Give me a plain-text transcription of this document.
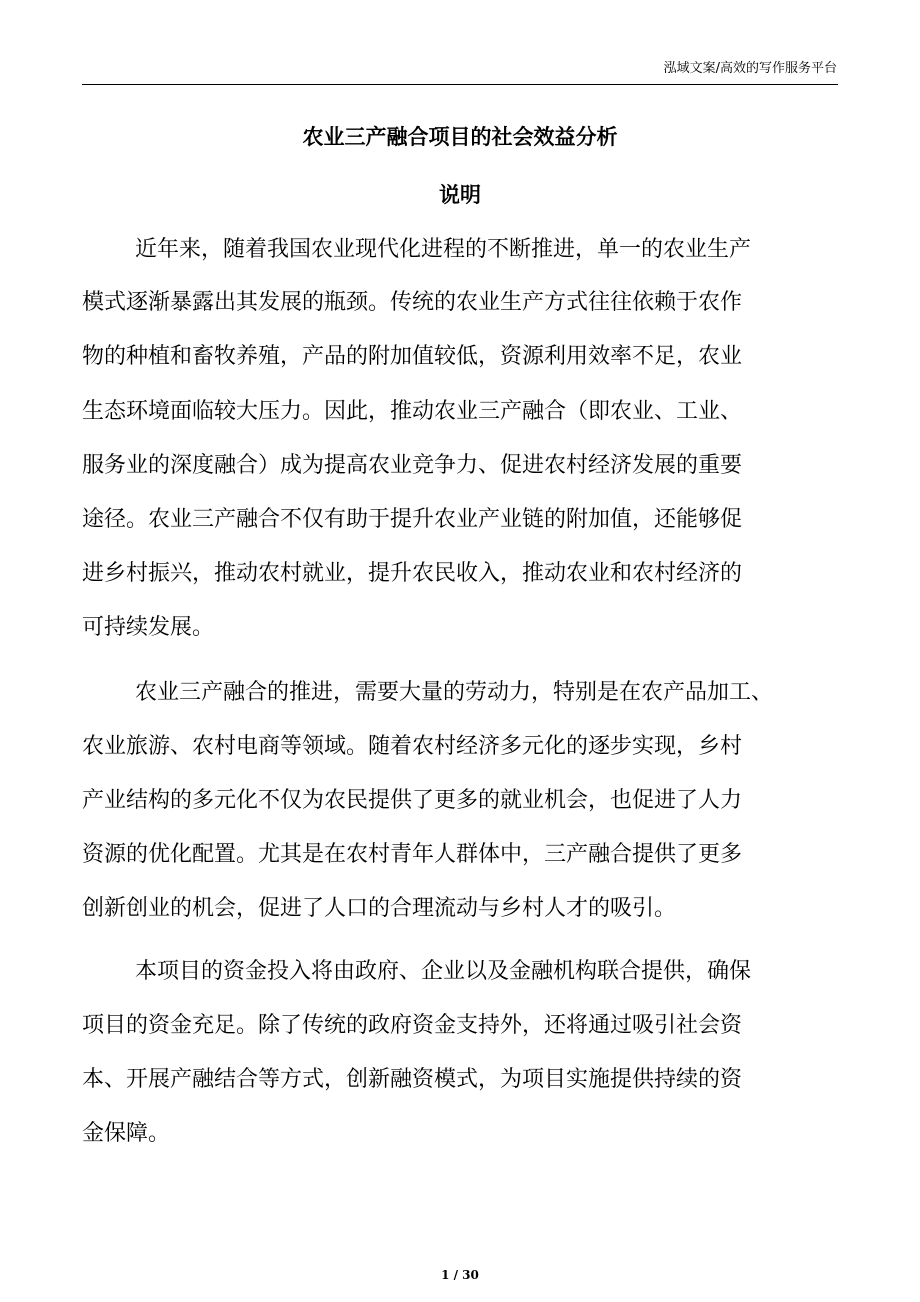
泓域文案/高效的写作服务平台
农业三产融合项目的社会效益分析
说明
近年来，随着我国农业现代化进程的不断推进，单一的农业生产
模式逐渐暴露出其发展的瓶颈。传统的农业生产方式往往依赖于农作
物的种植和畜牧养殖，产品的附加值较低，资源利用效率不足，农业
生态环境面临较大压力。因此，推动农业三产融合（即农业、工业、
服务业的深度融合）成为提高农业竞争力、促进农村经济发展的重要
途径。农业三产融合不仅有助于提升农业产业链的附加值，还能够促
进乡村振兴，推动农村就业，提升农民收入，推动农业和农村经济的
可持续发展。
农业三产融合的推进，需要大量的劳动力，特别是在农产品加工、
农业旅游、农村电商等领域。随着农村经济多元化的逐步实现，乡村
产业结构的多元化不仅为农民提供了更多的就业机会，也促进了人力
资源的优化配置。尤其是在农村青年人群体中，三产融合提供了更多
创新创业的机会，促进了人口的合理流动与乡村人才的吸引。
本项目的资金投入将由政府、企业以及金融机构联合提供，确保
项目的资金充足。除了传统的政府资金支持外，还将通过吸引社会资
本、开展产融结合等方式，创新融资模式，为项目实施提供持续的资
金保障。
1 / 30
